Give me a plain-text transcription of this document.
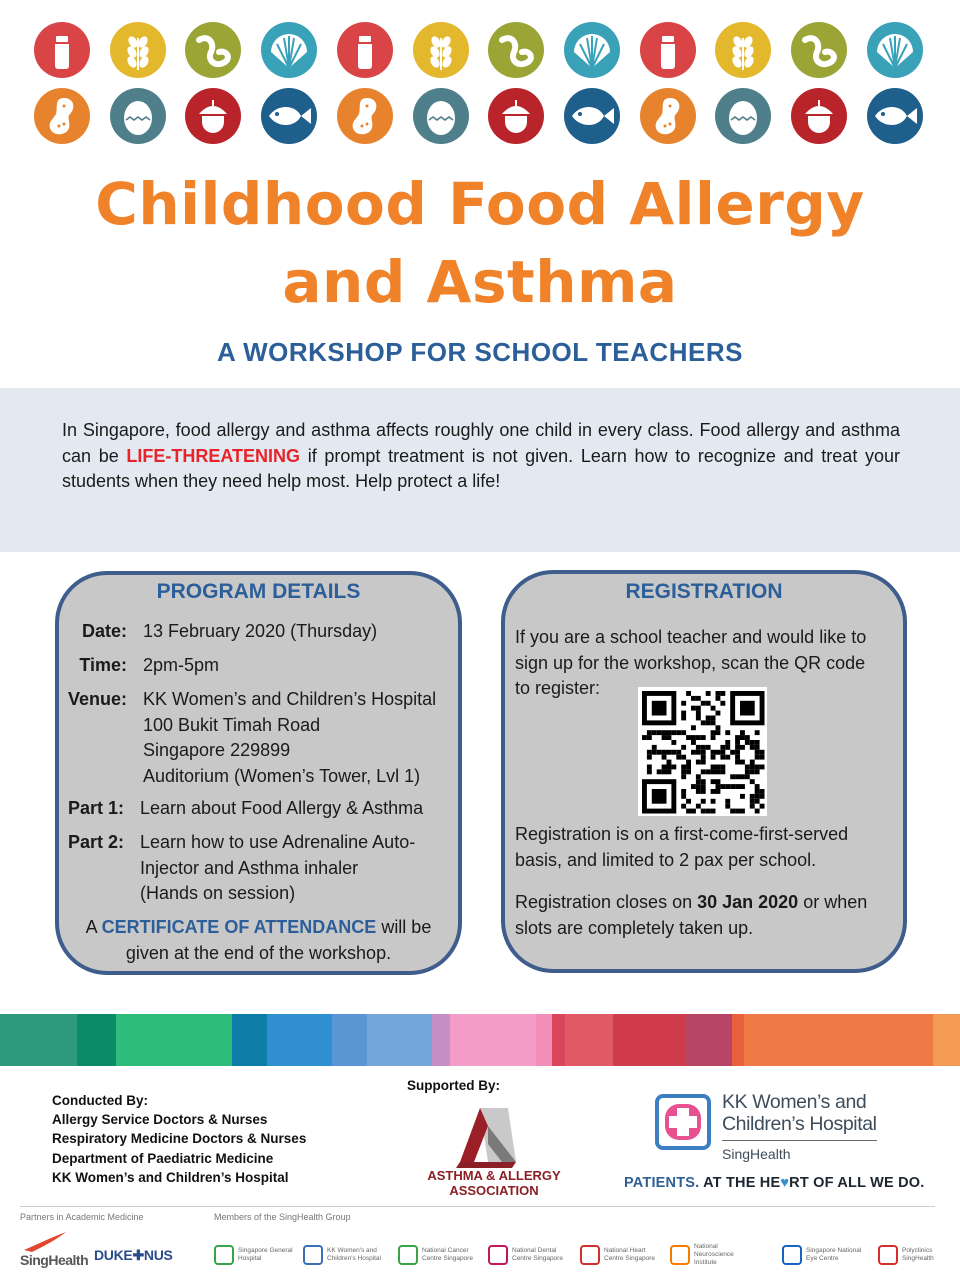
Childhood Food Allergy
and Asthma
A WORKSHOP FOR SCHOOL TEACHERS

In Singapore, food allergy and asthma affects roughly one child in every class. Food allergy and asthma can be LIFE-THREATENING if prompt treatment is not given. Learn how to recognize and treat your students when they need help most. Help protect a life!

PROGRAM DETAILS
Date: 13 February 2020 (Thursday)
Time: 2pm-5pm
Venue: KK Women’s and Children’s Hospital
100 Bukit Timah Road
Singapore 229899
Auditorium (Women’s Tower, Lvl 1)
Part 1: Learn about Food Allergy & Asthma
Part 2: Learn how to use Adrenaline Auto-
Injector and Asthma inhaler
(Hands on session)
A CERTIFICATE OF ATTENDANCE will be
given at the end of the workshop.
REGISTRATION
If you are a school teacher and would like to
sign up for the workshop, scan the QR code
to register:
Registration is on a first-come-first-served
basis, and limited to 2 pax per school.
Registration closes on 30 Jan 2020 or when
slots are completely taken up.
Supported By:
Conducted By:
Allergy Service Doctors & Nurses
Respiratory Medicine Doctors & Nurses
Department of Paediatric Medicine
KK Women’s and Children’s Hospital	ASTHMA & ALLERGY ASSOCIATION
KK Women’s and
Children’s Hospital
SingHealth
PATIENTS. AT THE HE♥RT OF ALL WE DO.
Partners in Academic Medicine	Members of the SingHealth Group
SingHealth DUKE✚NUS	Singapore General Hospital
KK Women's and Children's Hospital
National Cancer Centre Singapore
National Dental Centre Singapore
National Heart Centre Singapore
National Neuroscience Institute
Singapore National Eye Centre
Polyclinics SingHealth
